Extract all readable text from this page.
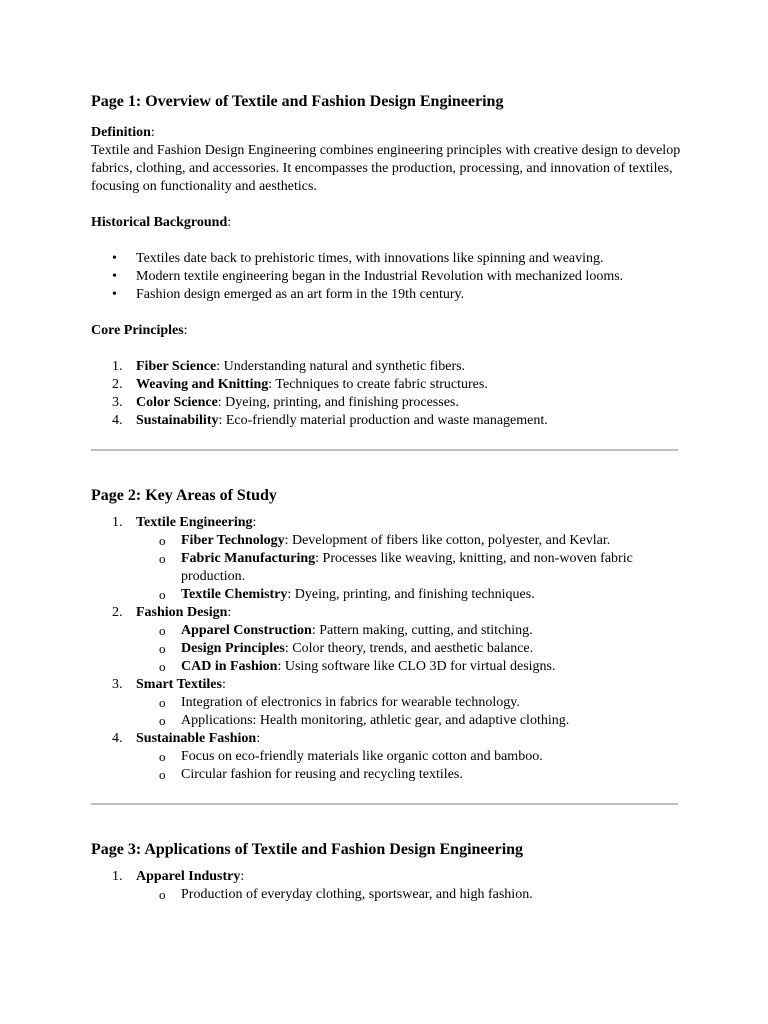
Page 1: Overview of Textile and Fashion Design Engineering

Definition:

Textile and Fashion Design Engineering combines engineering principles with creative design to develop fabrics, clothing, and accessories. It encompasses the production, processing, and innovation of textiles, focusing on functionality and aesthetics.

Historical Background:

• Textiles date back to prehistoric times, with innovations like spinning and weaving.
• Modern textile engineering began in the Industrial Revolution with mechanized looms.
• Fashion design emerged as an art form in the 19th century.

Core Principles:

1. Fiber Science: Understanding natural and synthetic fibers.
2. Weaving and Knitting: Techniques to create fabric structures.
3. Color Science: Dyeing, printing, and finishing processes.
4. Sustainability: Eco-friendly material production and waste management.
Page 2: Key Areas of Study
1. Textile Engineering:
o Fiber Technology: Development of fibers like cotton, polyester, and Kevlar.
o Fabric Manufacturing: Processes like weaving, knitting, and non-woven fabric production.
o Textile Chemistry: Dyeing, printing, and finishing techniques.
2. Fashion Design:
o Apparel Construction: Pattern making, cutting, and stitching.
o Design Principles: Color theory, trends, and aesthetic balance.
o CAD in Fashion: Using software like CLO 3D for virtual designs.
3. Smart Textiles:
o Integration of electronics in fabrics for wearable technology.
o Applications: Health monitoring, athletic gear, and adaptive clothing.
4. Sustainable Fashion:
o Focus on eco-friendly materials like organic cotton and bamboo.
o Circular fashion for reusing and recycling textiles.
Page 3: Applications of Textile and Fashion Design Engineering
1. Apparel Industry:
o Production of everyday clothing, sportswear, and high fashion.
